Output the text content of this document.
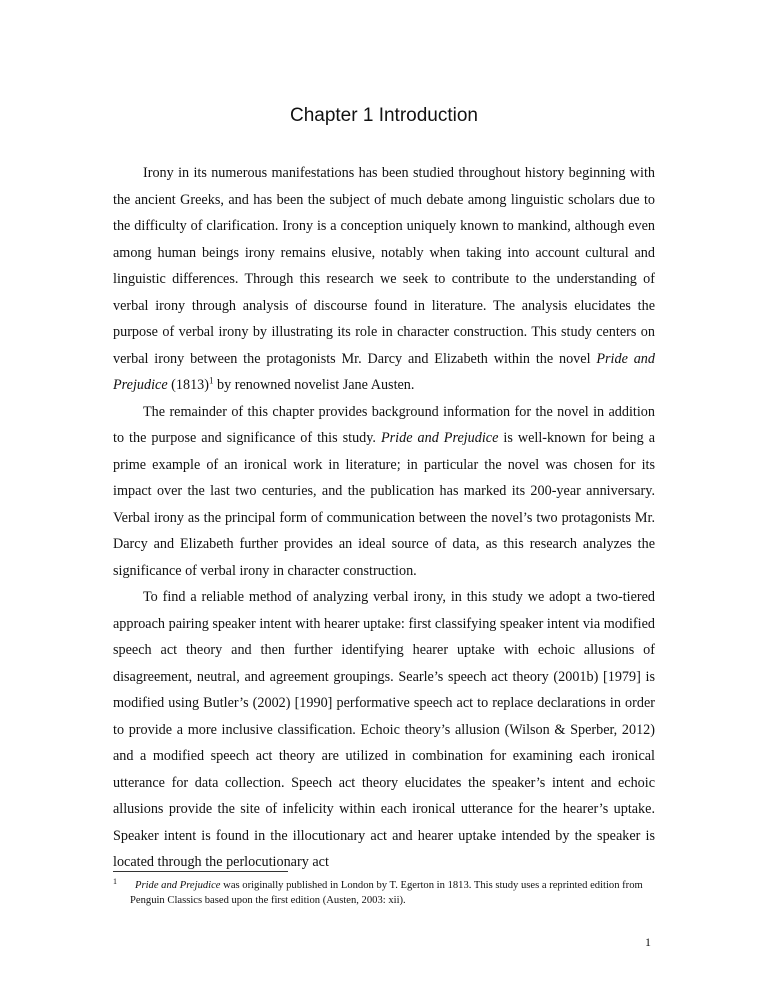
Chapter 1 Introduction

Irony in its numerous manifestations has been studied throughout history beginning with the ancient Greeks, and has been the subject of much debate among linguistic scholars due to the difficulty of clarification. Irony is a conception uniquely known to mankind, although even among human beings irony remains elusive, notably when taking into account cultural and linguistic differences. Through this research we seek to contribute to the understanding of verbal irony through analysis of discourse found in literature. The analysis elucidates the purpose of verbal irony by illustrating its role in character construction. This study centers on verbal irony between the protagonists Mr. Darcy and Elizabeth within the novel Pride and Prejudice $(1813)^1$ by renowned novelist Jane Austen.

The remainder of this chapter provides background information for the novel in addition to the purpose and significance of this study. Pride and Prejudice is well-known for being a prime example of an ironical work in literature; in particular the novel was chosen for its impact over the last two centuries, and the publication has marked its 200-year anniversary. Verbal irony as the principal form of communication between the novel’s two protagonists Mr. Darcy and Elizabeth further provides an ideal source of data, as this research analyzes the significance of verbal irony in character construction.

To find a reliable method of analyzing verbal irony, in this study we adopt a two-tiered approach pairing speaker intent with hearer uptake: first classifying speaker intent via modified speech act theory and then further identifying hearer uptake with echoic allusions of disagreement, neutral, and agreement groupings. Searle’s speech act theory (2001b) [1979] is modified using Butler’s (2002) [1990] performative speech act to replace declarations in order to provide a more inclusive classification. Echoic theory’s allusion (Wilson & Sperber, 2012) and a modified speech act theory are utilized in combination for examining each ironical utterance for data collection. Speech act theory elucidates the speaker’s intent and echoic allusions provide the site of infelicity within each ironical utterance for the hearer’s uptake. Speaker intent is found in the illocutionary act and hearer uptake intended by the speaker is located through the perlocutionary act

1	Pride and Prejudice was originally published in London by T. Egerton in 1813. This study uses a reprinted edition from Penguin Classics based upon the first edition (Austen, 2003: xii).
1
